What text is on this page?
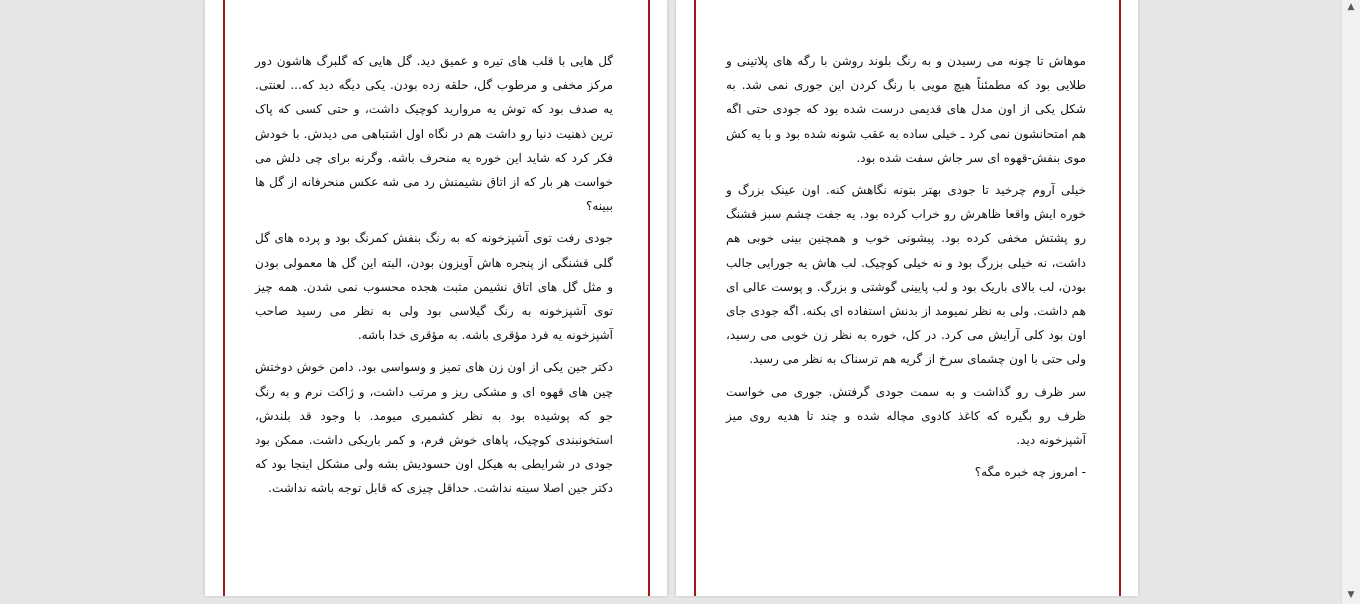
گل هایی با قلب های تیره و عمیق دید. گل هایی که گلبرگ هاشون دور مرکز مخفی و مرطوب گل، حلقه زده بودن. یکی دیگه دید که... لعنتی. یه صدف بود که توش یه مروارید کوچیک داشت، و حتی کسی که پاک ترین ذهنیت دنیا رو داشت هم در نگاه اول اشتباهی می دیدش. با خودش فکر کرد که شاید این خوره یه منحرف باشه. وگرنه برای چی دلش می خواست هر بار که از اتاق نشیمنش رد می شه عکس منحرفانه از گل ها ببینه؟

جودی رفت توی آشپزخونه که به رنگ بنفش کمرنگ بود و پرده های گل گلی قشنگی از پنجره هاش آویزون بودن، البته این گل ها معمولی بودن و مثل گل های اتاق نشیمن مثبت هجده محسوب نمی شدن. همه چیز توی آشپزخونه به رنگ گیلاسی بود ولی به نظر می رسید صاحب آشپزخونه یه فرد مؤقری باشه. به مؤقری خدا باشه.

دکتر جین یکی از اون زن های تمیز و وسواسی بود. دامن خوش دوختش چین های قهوه ای و مشکی ریز و مرتب داشت، و ژاکت نرم و به رنگ جو که پوشیده بود به نظر کشمیری میومد. با وجود قد بلندش، استخونبندی کوچیک، پاهای خوش فرم، و کمر باریکی داشت. ممکن بود جودی در شرایطی به هیکل اون حسودیش بشه ولی مشکل اینجا بود که دکتر جین اصلا سینه نداشت. حداقل چیزی که قابل توجه باشه نداشت.

موهاش تا چونه می رسیدن و به رنگ بلوند روشن با رگه های پلاتینی و طلایی بود که مطمئناً هیچ مویی با رنگ کردن این جوری نمی شد. به شکل یکی از اون مدل های قدیمی درست شده بود که جودی حتی اگه هم امتحانشون نمی کرد ـ خیلی ساده به عقب شونه شده بود و با یه کش موی بنفش-قهوه ای سر جاش سفت شده بود.

خیلی آروم چرخید تا جودی بهتر بتونه نگاهش کنه. اون عینک بزرگ و خوره ایش واقعا ظاهرش رو خراب کرده بود. یه جفت چشم سبز قشنگ رو پشتش مخفی کرده بود. پیشونی خوب و همچنین بینی خوبی هم داشت، نه خیلی بزرگ بود و نه خیلی کوچیک. لب هاش یه جورایی جالب بودن، لب بالای باریک بود و لب پایینی گوشتی و بزرگ. و پوست عالی ای هم داشت. ولی به نظر نمیومد از بدنش استفاده ای بکنه. اگه جودی جای اون بود کلی آرایش می کرد. در کل، خوره به نظر زن خوبی می رسید، ولی حتی با اون چشمای سرخ از گریه هم ترسناک به نظر می رسید.

سر ظرف رو گذاشت و به سمت جودی گرفتش. جوری می خواست ظرف رو بگیره که کاغذ کادوی مچاله شده و چند تا هدیه روی میز آشپزخونه دید.

- امروز چه خبره مگه؟

▲
▼
